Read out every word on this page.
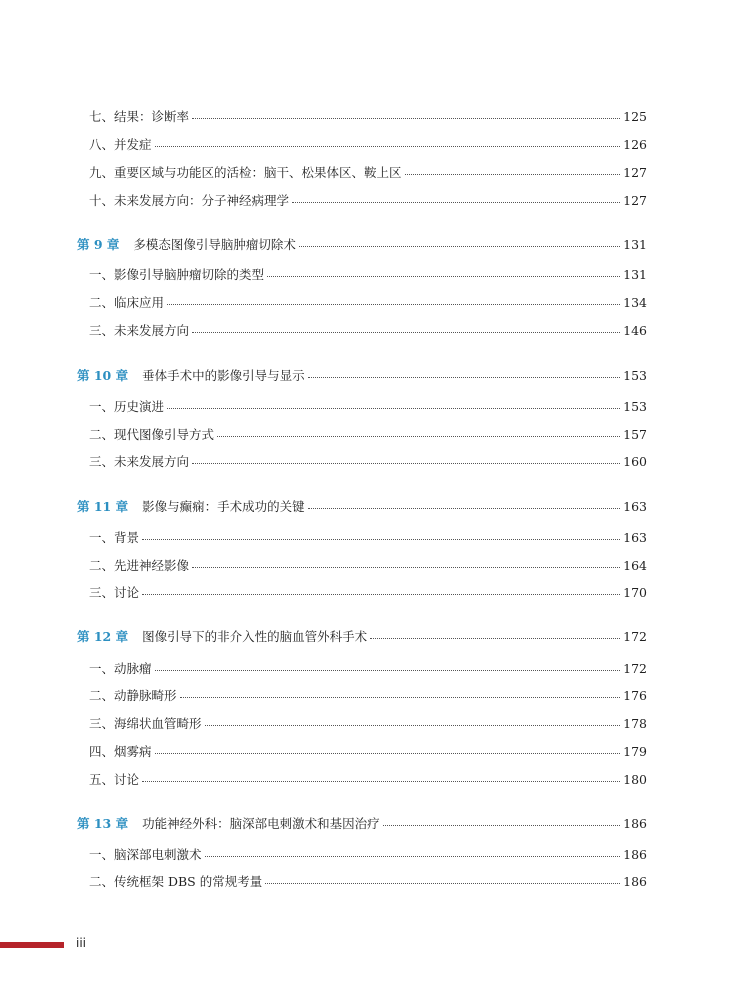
七、结果：诊断率	125
八、并发症	126
九、重要区域与功能区的活检：脑干、松果体区、鞍上区	127
十、未来发展方向：分子神经病理学	127
第 9 章 多模态图像引导脑肿瘤切除术	131
一、影像引导脑肿瘤切除的类型	131
二、临床应用	134
三、未来发展方向	146
第 10 章 垂体手术中的影像引导与显示	153
一、历史演进	153
二、现代图像引导方式	157
三、未来发展方向	160
第 11 章 影像与癫痫：手术成功的关键	163
一、背景	163
二、先进神经影像	164
三、讨论	170
第 12 章 图像引导下的非介入性的脑血管外科手术	172
一、动脉瘤	172
二、动静脉畸形	176
三、海绵状血管畸形	178
四、烟雾病	179
五、讨论	180
第 13 章 功能神经外科：脑深部电刺激术和基因治疗	186
一、脑深部电刺激术	186
二、传统框架 DBS 的常规考量	186
iii
